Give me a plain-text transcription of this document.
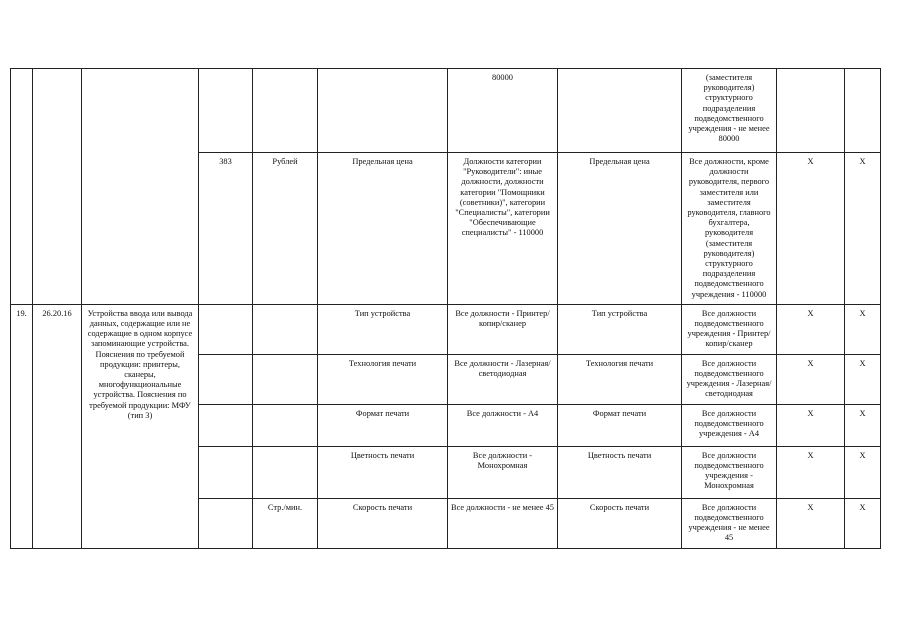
						80000		(заместителя руководителя) структурного подразделения подведомственного учреждения - не менее 80000		
			383	Рублей	Предельная цена	Должности категории "Руководители": иные должности, должности категории "Помощники (советники)", категории "Специалисты", категории "Обеспечивающие специалисты" - 110000	Предельная цена	Все должности, кроме должности руководителя, первого заместителя или заместителя руководителя, главного бухгалтера, руководителя (заместителя руководителя) структурного подразделения подведомственного учреждения - 110000	X	X
19.	26.20.16	Устройства ввода или вывода данных, содержащие или не содержащие в одном корпусе запоминающие устройства. Пояснения по требуемой продукции: принтеры, сканеры, многофункциональные устройства. Пояснения по требуемой продукции: МФУ (тип 3)			Тип устройства	Все должности - Принтер/копир/сканер	Тип устройства	Все должности подведомственного учреждения - Принтер/копир/сканер	X	X
					Технология печати	Все должности - Лазерная/светодиодная	Технология печати	Все должности подведомственного учреждения - Лазерная/светодиодная	X	X
					Формат печати	Все должности - А4	Формат печати	Все должности подведомственного учреждения - А4	X	X
					Цветность печати	Все должности - Монохромная	Цветность печати	Все должности подведомственного учреждения - Монохромная	X	X
				Стр./мин.	Скорость печати	Все должности - не менее 45	Скорость печати	Все должности подведомственного учреждения - не менее 45	X	X
